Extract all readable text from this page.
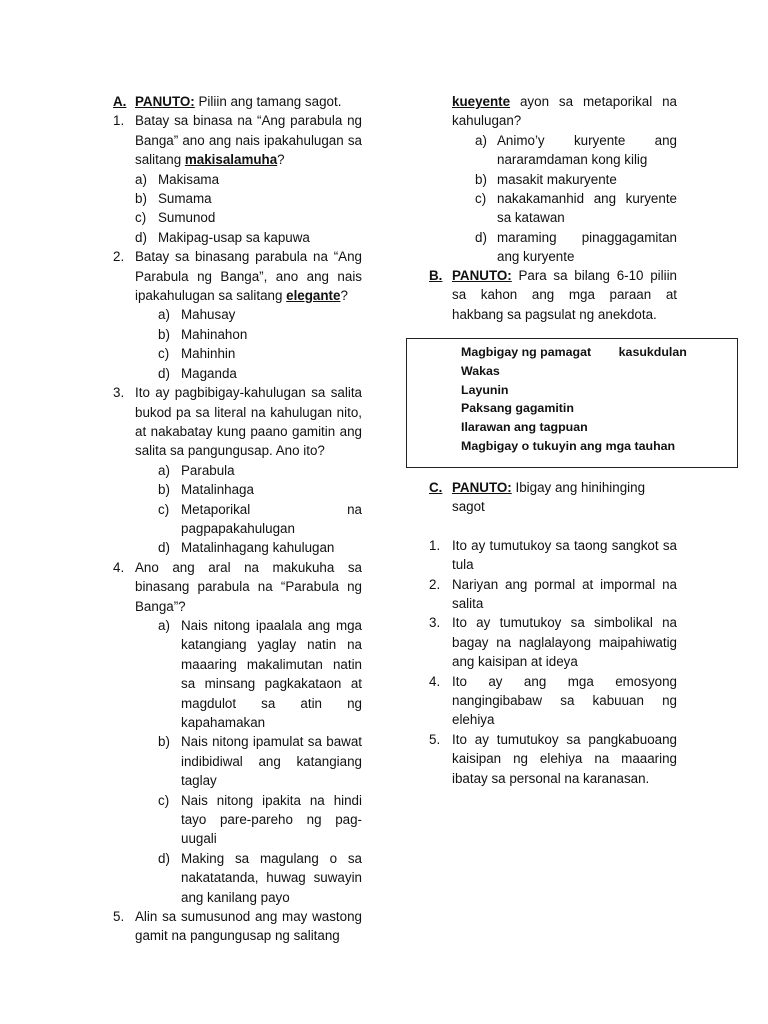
A. PANUTO: Piliin ang tamang sagot.
1. Batay sa binasa na “Ang parabula ng Banga” ano ang nais ipakahulugan sa salitang makisalamuha?
a) Makisama
b) Sumama
c) Sumunod
d) Makipag-usap sa kapuwa
2. Batay sa binasang parabula na “Ang Parabula ng Banga”, ano ang nais ipakahulugan sa salitang elegante?
a) Mahusay
b) Mahinahon
c) Mahinhin
d) Maganda
3. Ito ay pagbibigay-kahulugan sa salita bukod pa sa literal na kahulugan nito, at nakabatay kung paano gamitin ang salita sa pangungusap. Ano ito?
a) Parabula
b) Matalinhaga
c) Metaporikal na pagpapakahulugan
d) Matalinhagang kahulugan
4. Ano ang aral na makukuha sa binasang parabula na “Parabula ng Banga”?
a) Nais nitong ipaalala ang mga katangiang yaglay natin na maaaring makalimutan natin sa minsang pagkakataon at magdulot sa atin ng kapahamakan
b) Nais nitong ipamulat sa bawat indibidiwal ang katangiang taglay
c) Nais nitong ipakita na hindi tayo pare-pareho ng pag-uugali
d) Making sa magulang o sa nakatatanda, huwag suwayin ang kanilang payo
5. Alin sa sumusunod ang may wastong gamit na pangungusap ng salitang
kueyente ayon sa metaporikal na kahulugan?
a) Animo’y kuryente ang nararamdaman kong kilig
b) masakit makuryente
c) nakakamanhid ang kuryente sa katawan
d) maraming pinaggagamitan ang kuryente
B. PANUTO: Para sa bilang 6-10 piliin sa kahon ang mga paraan at hakbang sa pagsulat ng anekdota.
Magbigay ng pamagat        kasukdulan
Wakas
Layunin
Paksang gagamitin
Ilarawan ang tagpuan
Magbigay o tukuyin ang mga tauhan
C. PANUTO: Ibigay ang hinihinging sagot
1. Ito ay tumutukoy sa taong sangkot sa tula
2. Nariyan ang pormal at impormal na salita
3. Ito ay tumutukoy sa simbolikal na bagay na naglalayong maipahiwatig ang kaisipan at ideya
4. Ito ay ang mga emosyong nangingibabaw sa kabuuan ng elehiya
5. Ito ay tumutukoy sa pangkabuoang kaisipan ng elehiya na maaaring ibatay sa personal na karanasan.
